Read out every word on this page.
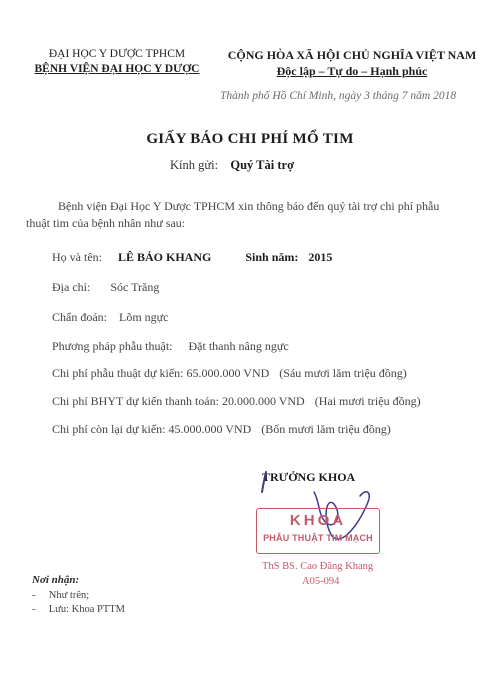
ĐẠI HỌC Y DƯỢC TPHCM
BỆNH VIỆN ĐẠI HỌC Y DƯỢC
CỘNG HÒA XÃ HỘI CHỦ NGHĨA VIỆT NAM
Độc lập – Tự do – Hạnh phúc
Thành phố Hồ Chí Minh, ngày 3 tháng 7 năm 2018
GIẤY BÁO CHI PHÍ MỔ TIM
Kính gửi: Quý Tài trợ
Bệnh viện Đại Học Y Dược TPHCM xin thông báo đến quý tài trợ chi phí phẫu
thuật tim của bệnh nhân như sau:
Họ và tên: LÊ BẢO KHANG	Sinh năm: 2015
Địa chỉ: Sóc Trăng
Chẩn đoán: Lõm ngực
Phương pháp phẫu thuật: Đặt thanh nâng ngực
Chi phí phẫu thuật dự kiến: 65.000.000 VND (Sáu mươi lăm triệu đồng)
Chi phí BHYT dự kiến thanh toán: 20.000.000 VND (Hai mươi triệu đồng)
Chi phí còn lại dự kiến: 45.000.000 VND (Bốn mươi lăm triệu đồng)
TRƯỞNG KHOA
KHOA
PHẪU THUẬT TIM MẠCH
ThS BS. Cao Đăng Khang
A05-094
Nơi nhận:
- Như trên;
- Lưu: Khoa PTTM
